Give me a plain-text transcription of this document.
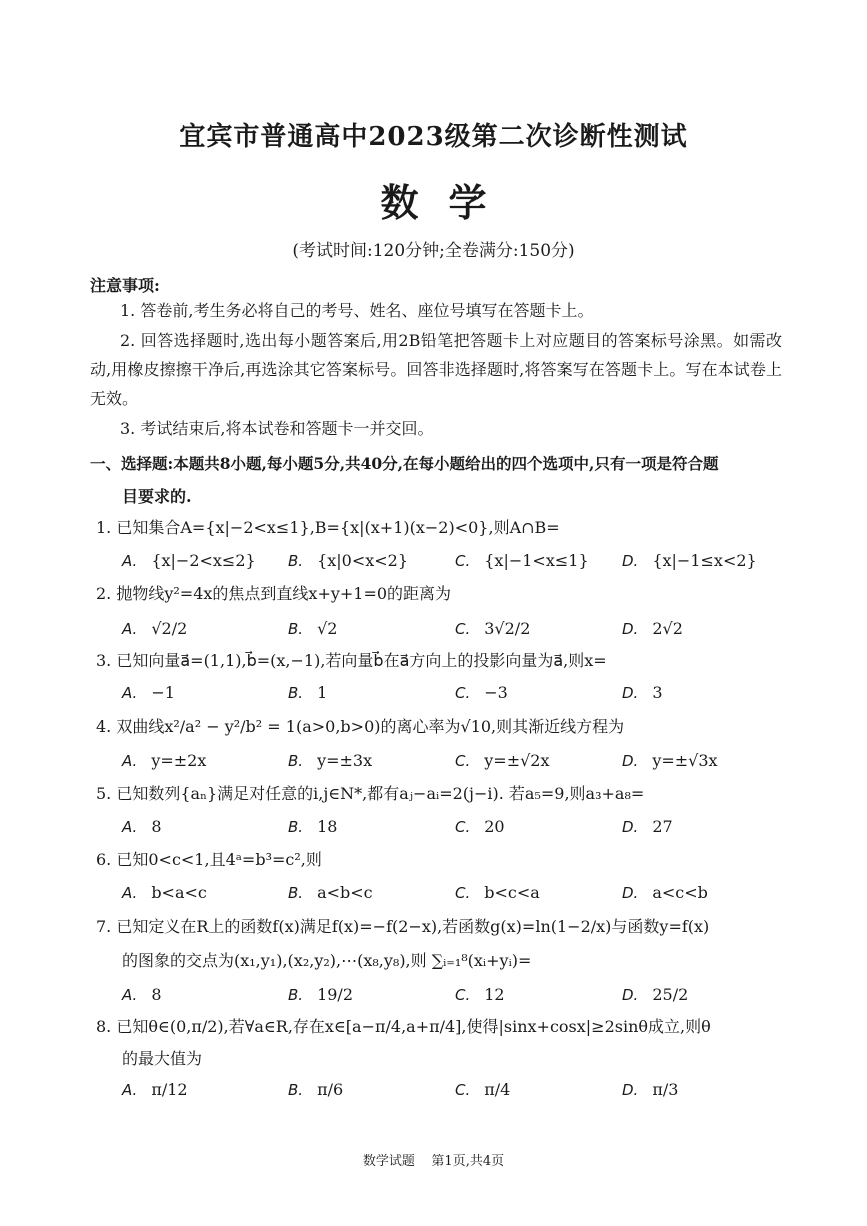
宜宾市普通高中2023级第二次诊断性测试
数学
(考试时间:120分钟;全卷满分:150分)
注意事项:
1. 答卷前,考生务必将自己的考号、姓名、座位号填写在答题卡上。
2. 回答选择题时,选出每小题答案后,用2B铅笔把答题卡上对应题目的答案标号涂黑。如需改动,用橡皮擦擦干净后,再选涂其它答案标号。回答非选择题时,将答案写在答题卡上。写在本试卷上无效。
3. 考试结束后,将本试卷和答题卡一并交回。
一、选择题:本题共8小题,每小题5分,共40分,在每小题给出的四个选项中,只有一项是符合题
目要求的.
1. 已知集合A={x|−2<x≤1},B={x|(x+1)(x−2)<0},则A∩B=
A. {x|−2<x≤2} B. {x|0<x<2}	C. {x|−1<x≤1} D. {x|−1≤x<2}
2. 抛物线y²=4x的焦点到直线x+y+1=0的距离为
A. √2/2	B. √2	C. 3√2/2	D. 2√2
3. 已知向量a⃗=(1,1),b⃗=(x,−1),若向量b⃗在a⃗方向上的投影向量为a⃗,则x=
A. −1	B. 1	C. −3	D. 3
4. 双曲线x²/a² − y²/b² = 1(a>0,b>0)的离心率为√10,则其渐近线方程为
A. y=±2x	B. y=±3x	C. y=±√2x	D. y=±√3x
5. 已知数列{aₙ}满足对任意的i,j∈N*,都有aⱼ−aᵢ=2(j−i). 若a₅=9,则a₃+a₈=
A. 8	B. 18	C. 20	D. 27
6. 已知0<c<1,且4ᵃ=b³=c²,则
A. b<a<c	B. a<b<c	C. b<c<a	D. a<c<b
7. 已知定义在R上的函数f(x)满足f(x)=−f(2−x),若函数g(x)=ln(1−2/x)与函数y=f(x)
的图象的交点为(x₁,y₁),(x₂,y₂),⋯(x₈,y₈),则 ∑ᵢ₌₁⁸(xᵢ+yᵢ)=
A. 8	B. 19/2	C. 12	D. 25/2
8. 已知θ∈(0,π/2),若∀a∈R,存在x∈[a−π/4,a+π/4],使得|sinx+cosx|≥2sinθ成立,则θ
的最大值为
A. π/12	B. π/6	C. π/4	D. π/3
数学试题    第1页,共4页
